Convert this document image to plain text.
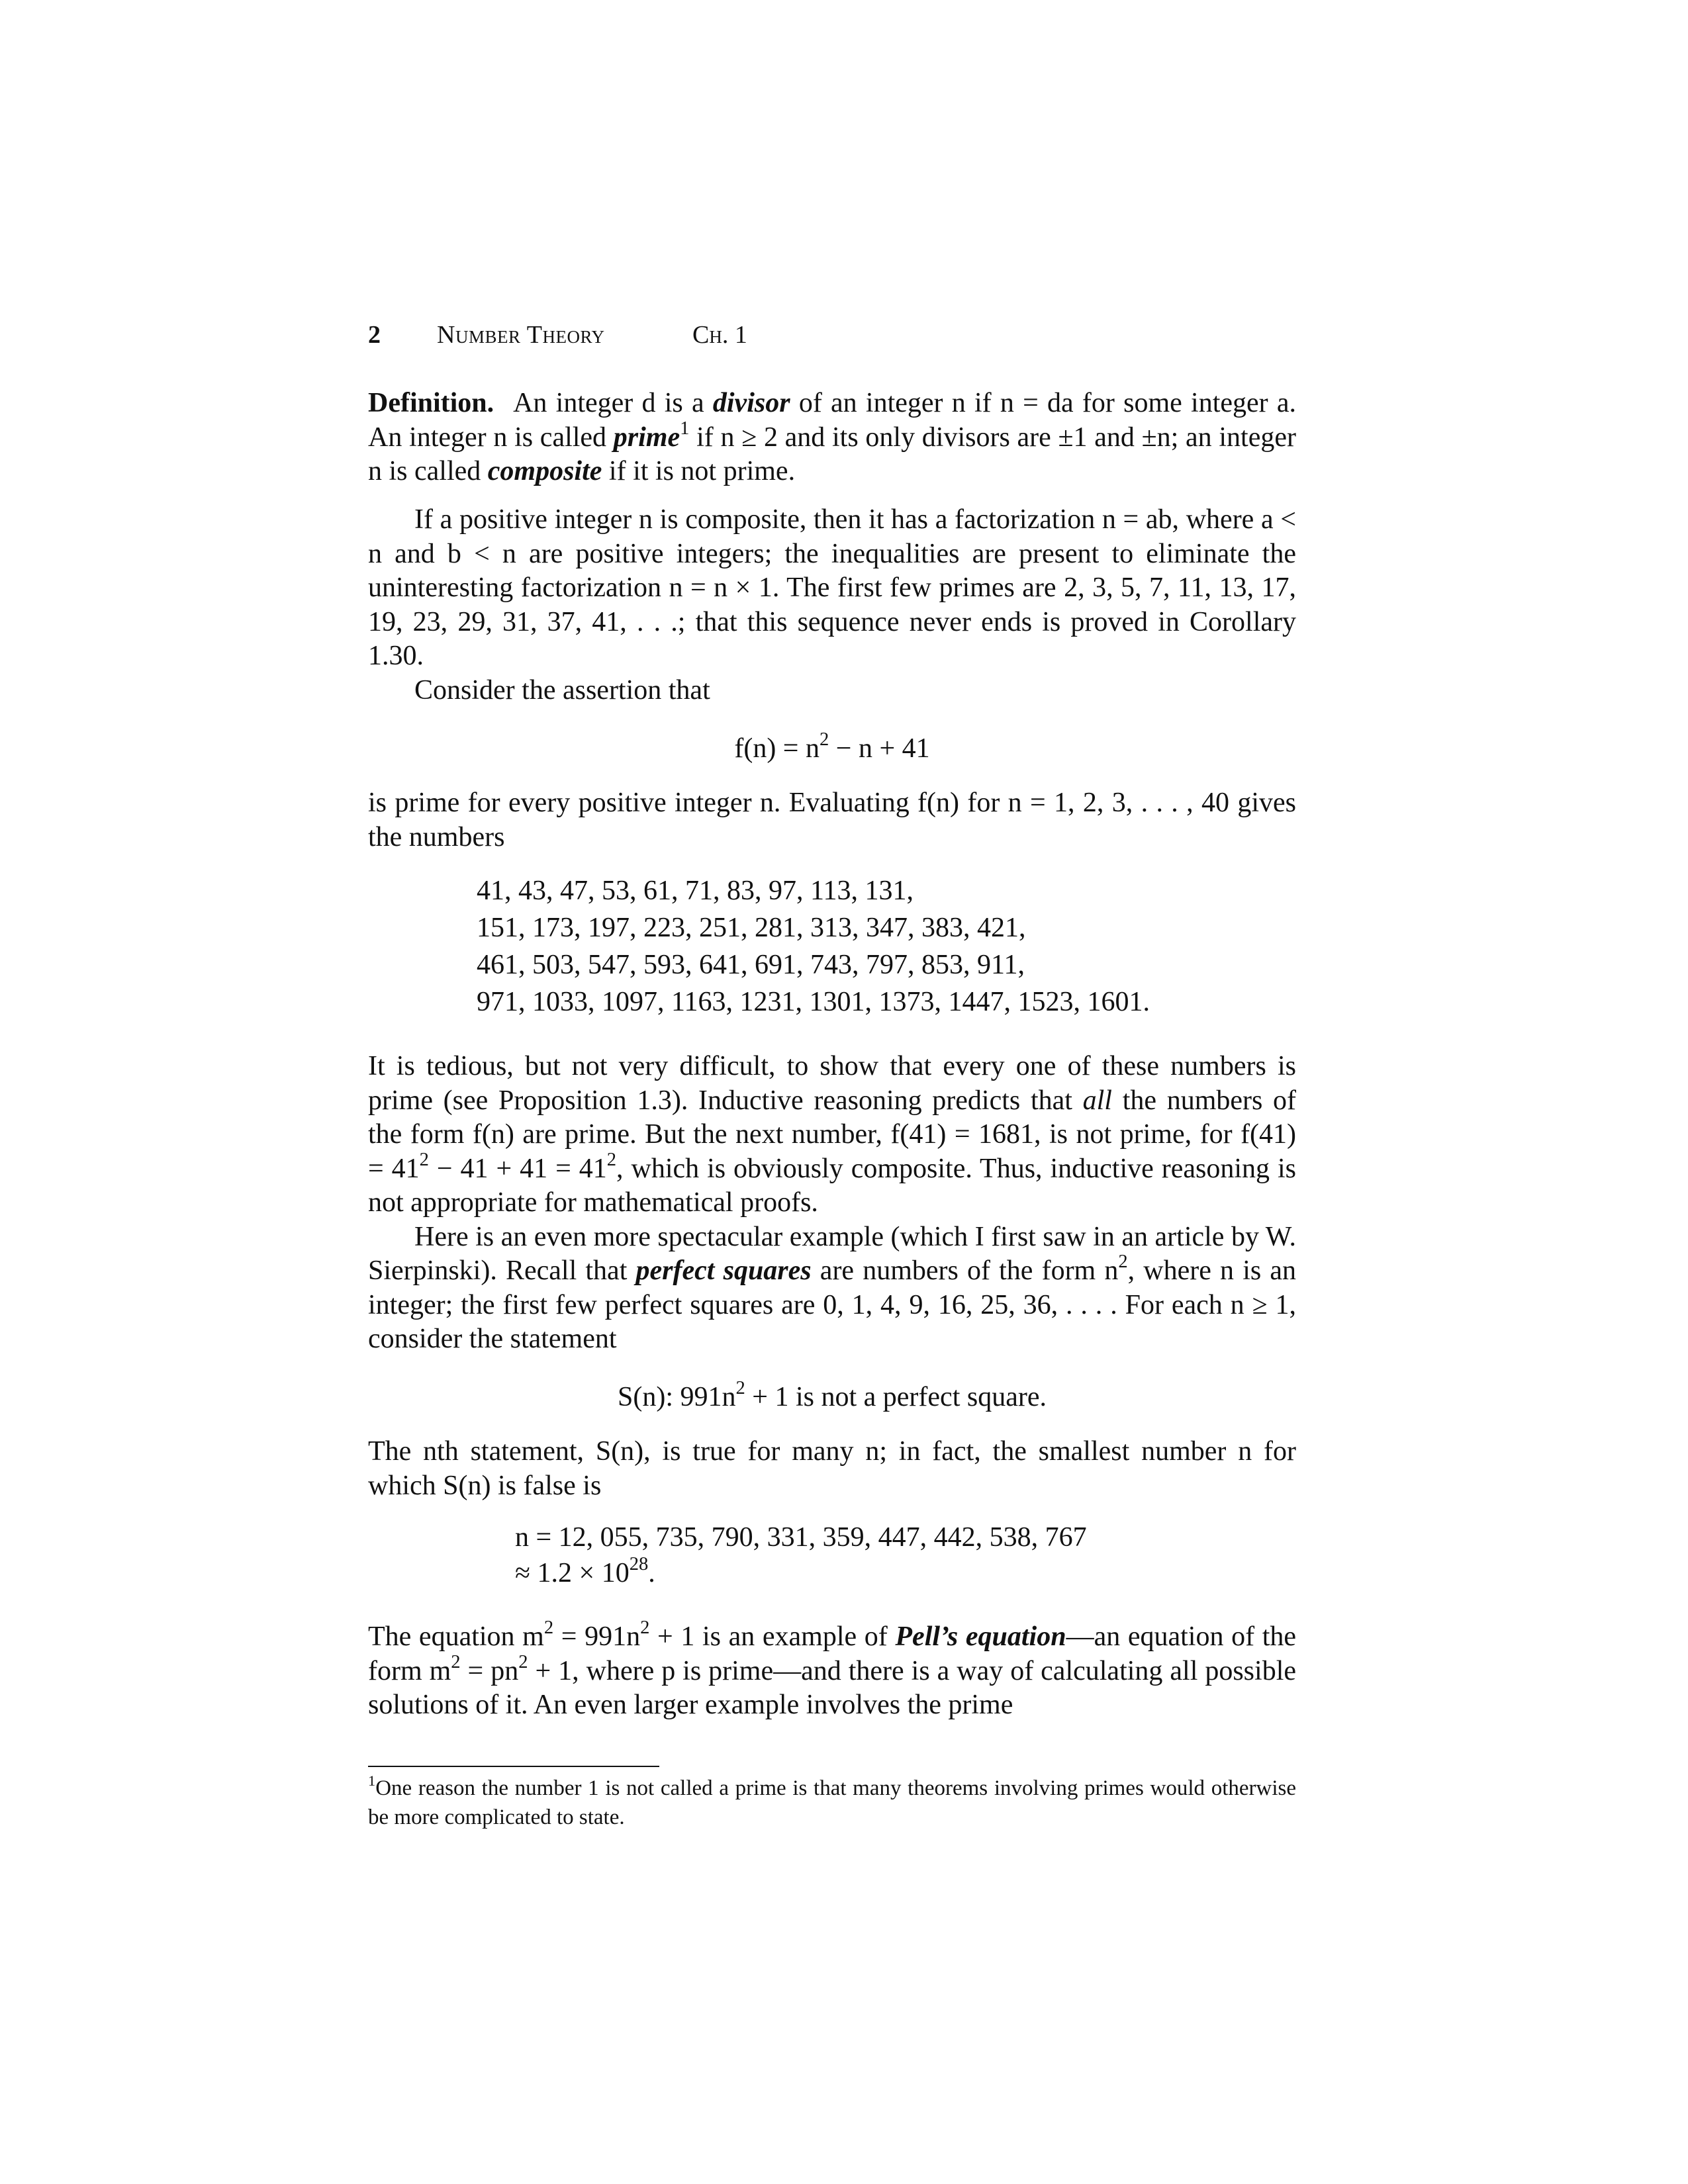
2 Number Theory	Ch. 1

Definition. An integer d is a divisor of an integer n if n = da for some integer a. An integer n is called prime$^1$ if n ≥ 2 and its only divisors are ±1 and ±n; an integer n is called composite if it is not prime.

If a positive integer n is composite, then it has a factorization n = ab, where a < n and b < n are positive integers; the inequalities are present to eliminate the uninteresting factorization n = n × 1. The first few primes are 2, 3, 5, 7, 11, 13, 17, 19, 23, 29, 31, 37, 41, . . .; that this sequence never ends is proved in Corollary 1.30.

Consider the assertion that

$f(n) = n^2 - n + 41$

is prime for every positive integer n. Evaluating f(n) for n = 1, 2, 3, . . . , 40 gives the numbers

41, 43, 47, 53, 61, 71, 83, 97, 113, 131,
151, 173, 197, 223, 251, 281, 313, 347, 383, 421,
461, 503, 547, 593, 641, 691, 743, 797, 853, 911,
971, 1033, 1097, 1163, 1231, 1301, 1373, 1447, 1523, 1601.

It is tedious, but not very difficult, to show that every one of these numbers is prime (see Proposition 1.3). Inductive reasoning predicts that all the numbers of the form f(n) are prime. But the next number, f(41) = 1681, is not prime, for $f(41) = 41^2 - 41 + 41 = 41^2$, which is obviously composite. Thus, inductive reasoning is not appropriate for mathematical proofs.

Here is an even more spectacular example (which I first saw in an article by W. Sierpinski). Recall that perfect squares are numbers of the form $n^2$, where n is an integer; the first few perfect squares are 0, 1, 4, 9, 16, 25, 36, . . . . For each n ≥ 1, consider the statement

S(n): $991n^2 + 1$ is not a perfect square.

The nth statement, S(n), is true for many n; in fact, the smallest number n for which S(n) is false is

n = 12, 055, 735, 790, 331, 359, 447, 442, 538, 767
≈ $1.2 \times 10^{28}$.

The equation $m^2 = 991n^2 + 1$ is an example of Pell’s equation—an equation of the form $m^2 = pn^2 + 1$, where p is prime—and there is a way of calculating all possible solutions of it. An even larger example involves the prime

$^1$One reason the number 1 is not called a prime is that many theorems involving primes would otherwise be more complicated to state.
